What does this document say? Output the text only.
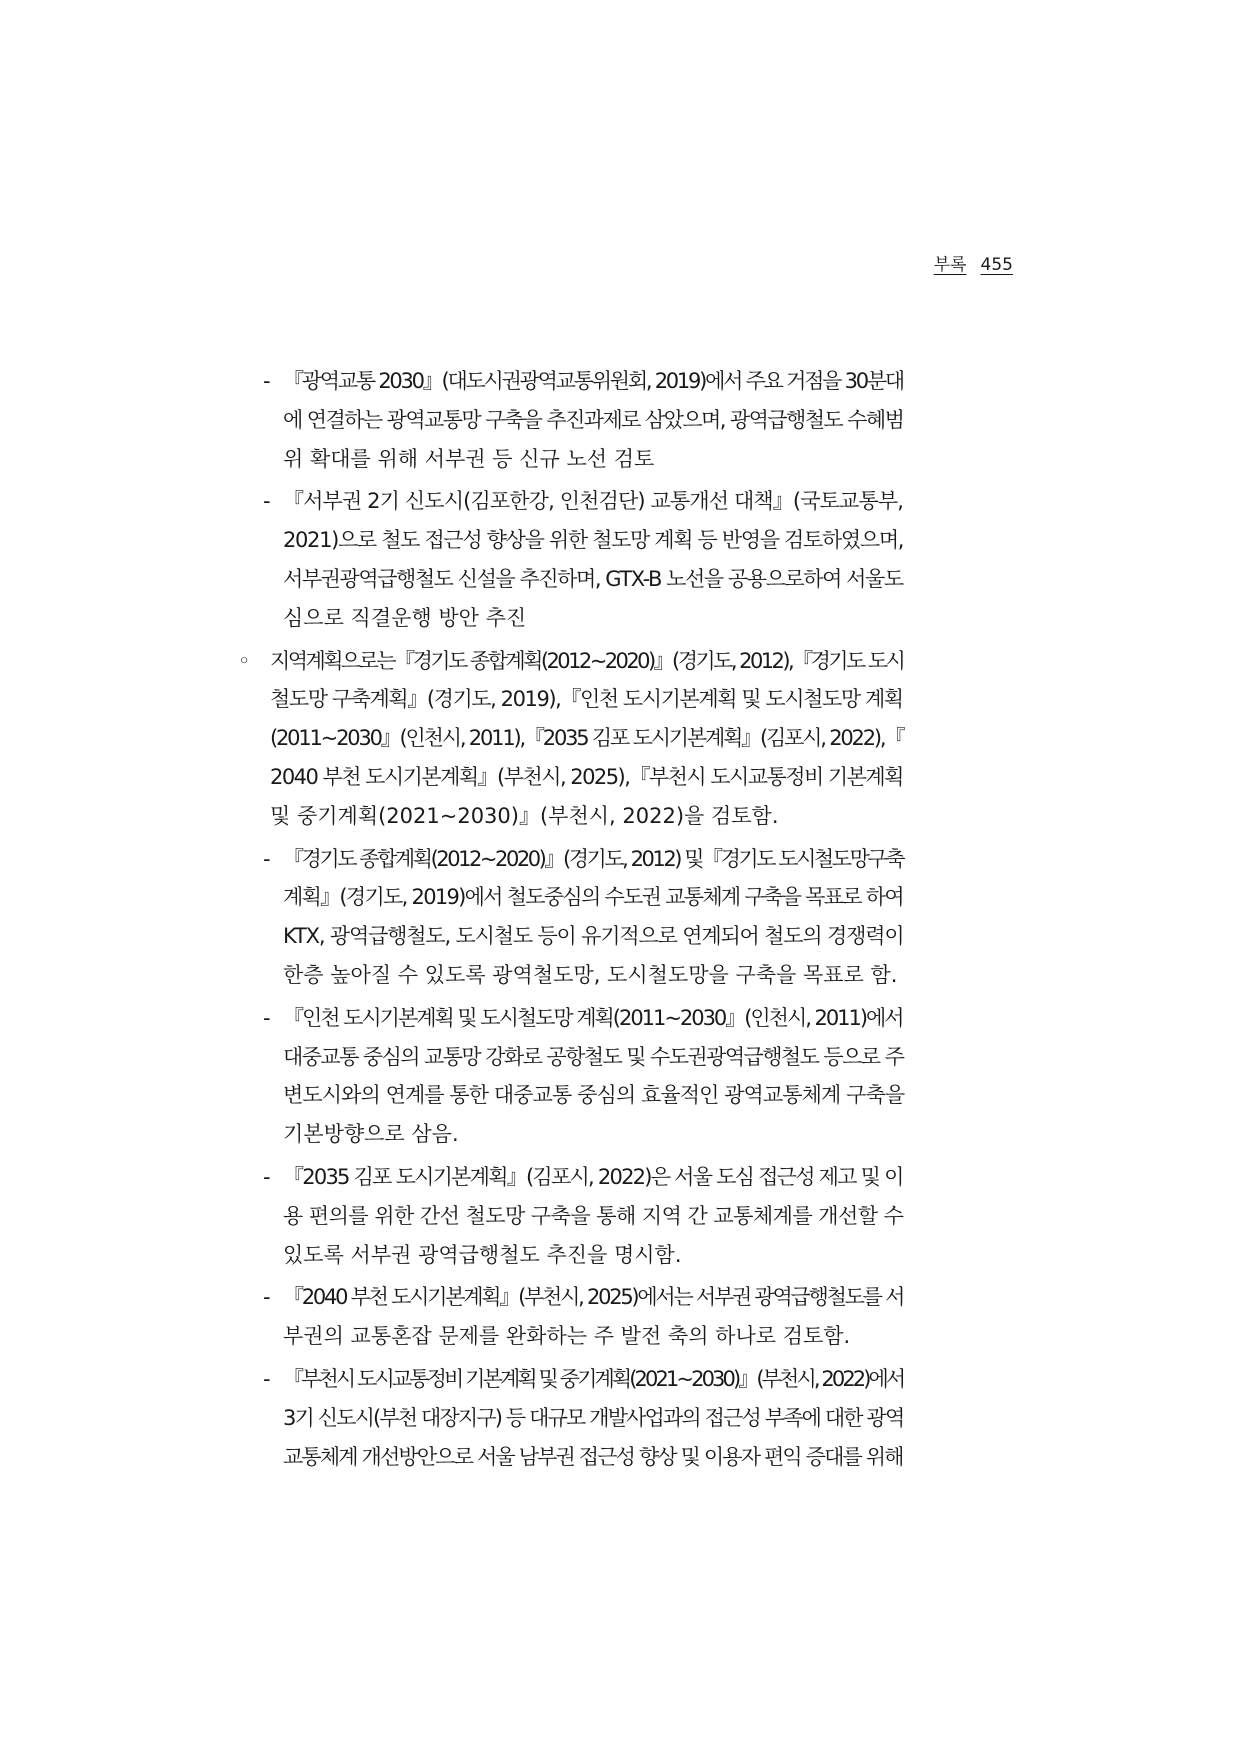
부록 455
- 『광역교통 2030』(대도시권광역교통위원회, 2019)에서 주요 거점을 30분대
에 연결하는 광역교통망 구축을 추진과제로 삼았으며, 광역급행철도 수혜범
위 확대를 위해 서부권 등 신규 노선 검토
- 『서부권 2기 신도시(김포한강, 인천검단) 교통개선 대책』(국토교통부,
2021)으로 철도 접근성 향상을 위한 철도망 계획 등 반영을 검토하였으며,
서부권광역급행철도 신설을 추진하며, GTX-B 노선을 공용으로하여 서울도
심으로 직결운행 방안 추진
◦ 지역계획으로는『경기도 종합계획(2012~2020)』(경기도, 2012),『경기도 도시
철도망 구축계획』(경기도, 2019),『인천 도시기본계획 및 도시철도망 계획
(2011~2030』(인천시, 2011),『2035 김포 도시기본계획』(김포시, 2022),『
2040 부천 도시기본계획』(부천시, 2025),『부천시 도시교통정비 기본계획
및 중기계획(2021~2030)』(부천시, 2022)을 검토함.
- 『경기도 종합계획(2012~2020)』(경기도, 2012) 및『경기도 도시철도망구축
계획』(경기도, 2019)에서 철도중심의 수도권 교통체계 구축을 목표로 하여
KTX, 광역급행철도, 도시철도 등이 유기적으로 연계되어 철도의 경쟁력이
한층 높아질 수 있도록 광역철도망, 도시철도망을 구축을 목표로 함.
- 『인천 도시기본계획 및 도시철도망 계획(2011~2030』(인천시, 2011)에서
대중교통 중심의 교통망 강화로 공항철도 및 수도권광역급행철도 등으로 주
변도시와의 연계를 통한 대중교통 중심의 효율적인 광역교통체계 구축을
기본방향으로 삼음.
- 『2035 김포 도시기본계획』(김포시, 2022)은 서울 도심 접근성 제고 및 이
용 편의를 위한 간선 철도망 구축을 통해 지역 간 교통체계를 개선할 수
있도록 서부권 광역급행철도 추진을 명시함.
- 『2040 부천 도시기본계획』(부천시, 2025)에서는 서부권 광역급행철도를 서
부권의 교통혼잡 문제를 완화하는 주 발전 축의 하나로 검토함.
- 『부천시 도시교통정비 기본계획 및 중기계획(2021~2030)』(부천시, 2022)에서
3기 신도시(부천 대장지구) 등 대규모 개발사업과의 접근성 부족에 대한 광역
교통체계 개선방안으로 서울 남부권 접근성 향상 및 이용자 편익 증대를 위해
